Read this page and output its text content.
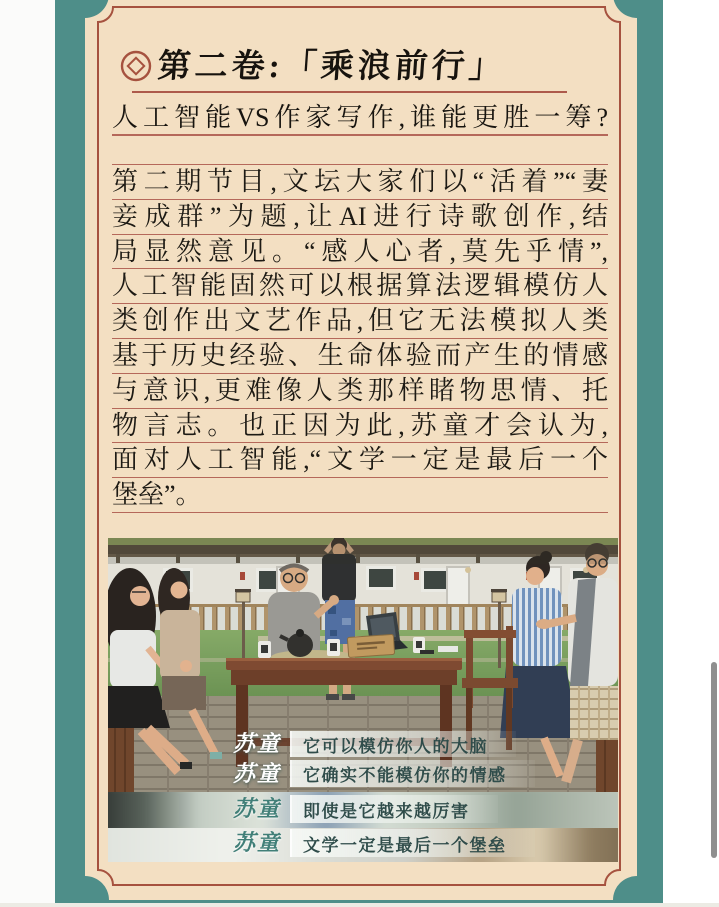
第二卷:「乘浪前行」
人工智能VS作家写作,谁能更胜一筹?
第二期节目,文坛大家们以“活着”“妻
妾成群”为题,让AI进行诗歌创作,结
局显然意见。“感人心者,莫先乎情”,
人工智能固然可以根据算法逻辑模仿人
类创作出文艺作品,但它无法模拟人类
基于历史经验、生命体验而产生的情感
与意识,更难像人类那样睹物思情、托
物言志。也正因为此,苏童才会认为,
面对人工智能,“文学一定是最后一个
堡垒”。
苏童	它可以模仿你人的大脑
苏童	它确实不能模仿你的情感
苏童	即使是它越来越厉害
苏童	文学一定是最后一个堡垒
